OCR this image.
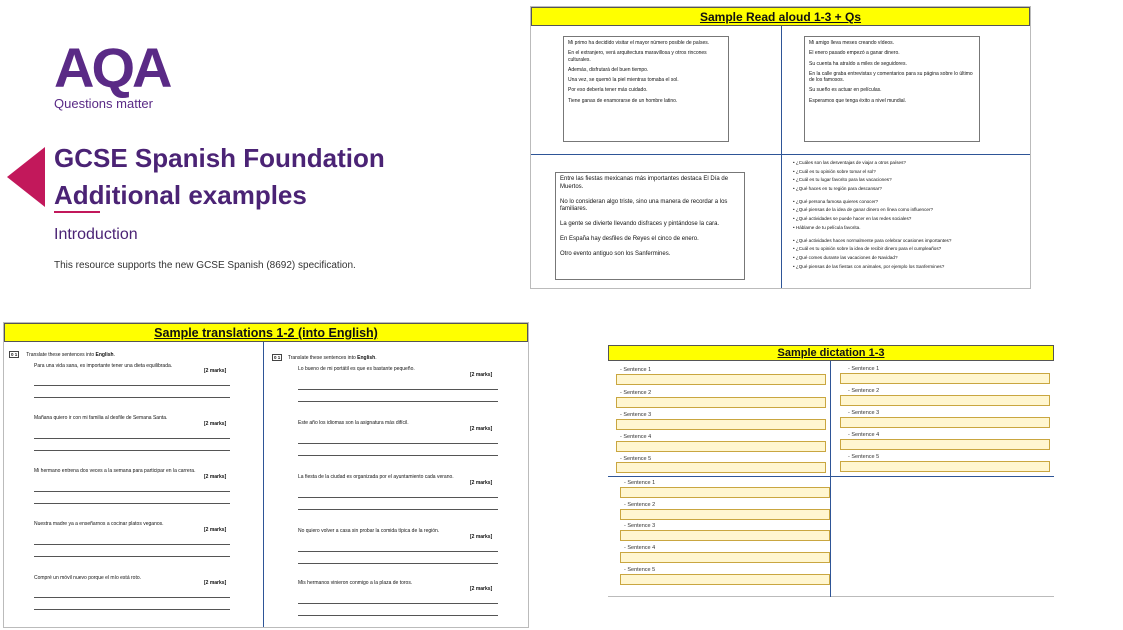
AQA
Questions matter
GCSE Spanish Foundation
Additional examples
Introduction
This resource supports the new GCSE Spanish (8692) specification.
Sample Read aloud 1-3 + Qs

Mi primo ha decidido visitar el mayor número posible de países.

En el extranjero, verá arquitectura maravillosa y otros rincones culturales.

Además, disfrutará del buen tiempo.

Una vez, se quemó la piel mientras tomaba el sol.

Por eso debería tener más cuidado.

Tiene ganas de enamorarse de un hombre latino.

Mi amigo lleva meses creando vídeos.

El enero pasado empezó a ganar dinero.

Su cuenta ha atraído a miles de seguidores.

En la calle graba entrevistas y comentarios para su página sobre lo último de los famosos.

Su sueño es actuar en películas.

Esperamos que tenga éxito a nivel mundial.

Entre las fiestas mexicanas más importantes destaca El Día de Muertos.

No lo consideran algo triste, sino una manera de recordar a los familiares.

La gente se divierte llevando disfraces y pintándose la cara.

En España hay desfiles de Reyes el cinco de enero.

Otro evento antiguo son los Sanfermines.

• ¿Cuáles son las desventajas de viajar a otros países?
• ¿Cuál es tu opinión sobre tomar el sol?
• ¿Cuál es tu lugar favorito para las vacaciones?
• ¿Qué haces en tu región para descansar?
• ¿Qué persona famosa quieres conocer?
• ¿Qué piensas de la idea de ganar dinero en línea como influencer?
• ¿Qué actividades se puede hacer en las redes sociales?
• Háblame de tu película favorita.
• ¿Qué actividades haces normalmente para celebrar ocasiones importantes?
• ¿Cuál es tu opinión sobre la idea de recibir dinero para el cumpleaños?
• ¿Qué comes durante las vacaciones de Navidad?
• ¿Qué piensas de las fiestas con animales, por ejemplo los Sanfermines?
Sample translations 1-2 (into English)
0 1 Translate these sentences into English.	0 1 Translate these sentences into English.
Para una vida sana, es importante tener una dieta equilibrada.
[2 marks]
Mañana quiero ir con mi familia al desfile de Semana Santa.
[2 marks]
Mi hermano entrena dos veces a la semana para participar en la carrera.
[2 marks]
Nuestra madre ya a enseñarnos a cocinar platos veganos.
[2 marks]
Compré un móvil nuevo porque el mío está roto.
[2 marks]
Lo bueno de mi portátil es que es bastante pequeño.
[2 marks]
Este año los idiomas son la asignatura más difícil.
[2 marks]
La fiesta de la ciudad es organizada por el ayuntamiento cada verano.
[2 marks]
No quiero volver a casa sin probar la comida típica de la región.
[2 marks]
Mis hermanos vinieron conmigo a la plaza de toros.
[2 marks]
Sample dictation 1-3
- Sentence 1
- Sentence 2
- Sentence 3
- Sentence 4
- Sentence 5
- Sentence 1
- Sentence 2
- Sentence 3
- Sentence 4
- Sentence 5
- Sentence 1
- Sentence 2
- Sentence 3
- Sentence 4
- Sentence 5
